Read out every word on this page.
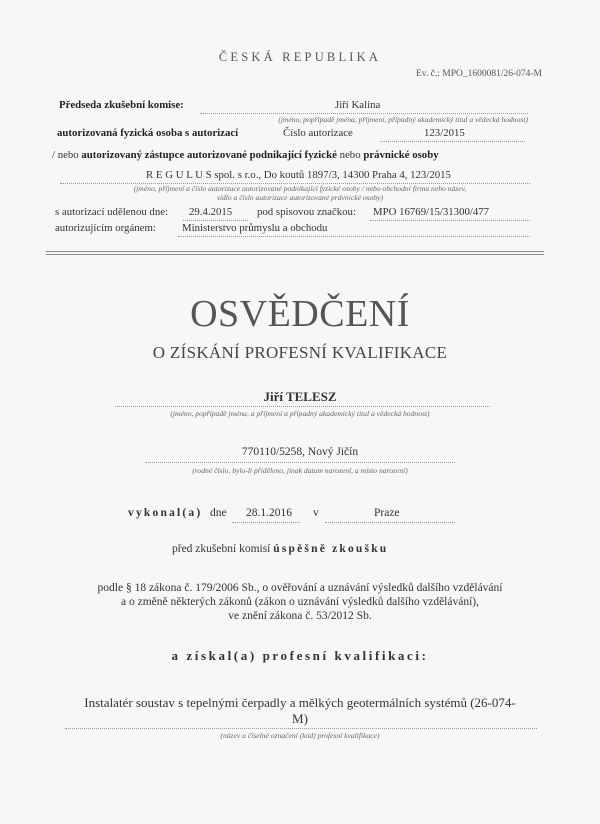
ČESKÁ REPUBLIKA
Ev. č.: MPO_1600081/26-074-M
Předseda zkušební komise:	Jiří Kalina
(jméno, popřípadě jména, příjmení, případný akademický titul a vědecká hodnost)
autorizovaná fyzická osoba s autorizací	Číslo autorizace	123/2015
/ nebo autorizovaný zástupce autorizované podnikající fyzické nebo právnické osoby
R E G U L U S spol. s r.o., Do koutů 1897/3, 14300 Praha 4, 123/2015
(jméno, příjmení a číslo autorizace autorizované podnikající fyzické osoby / nebo obchodní firma nebo název,
sídlo a číslo autorizace autorizované právnické osoby)
s autorizací udělenou dne: 29.4.2015 pod spisovou značkou: MPO 16769/15/31300/477
autorizujícím orgánem: Ministerstvo průmyslu a obchodu
OSVĚDČENÍ
O ZÍSKÁNÍ PROFESNÍ KVALIFIKACE
Jiří TELESZ
(jméno, popřípadě jména, a příjmení a případný akademický titul a vědecká hodnost)
770110/5258, Nový Jičín
(rodné číslo, bylo-li přiděleno, jinak datum narození, a místo narození)
vykonal(a) dne 28.1.2016 v	Praze
před zkušební komisí úspěšně zkoušku
podle § 18 zákona č. 179/2006 Sb., o ověřování a uznávání výsledků dalšího vzdělávání
a o změně některých zákonů (zákon o uznávání výsledků dalšího vzdělávání),
ve znění zákona č. 53/2012 Sb.
a získal(a) profesní kvalifikaci:
Instalatér soustav s tepelnými čerpadly a mělkých geotermálních systémů (26-074-
M)
(název a číselné označení (kód) profesní kvalifikace)
